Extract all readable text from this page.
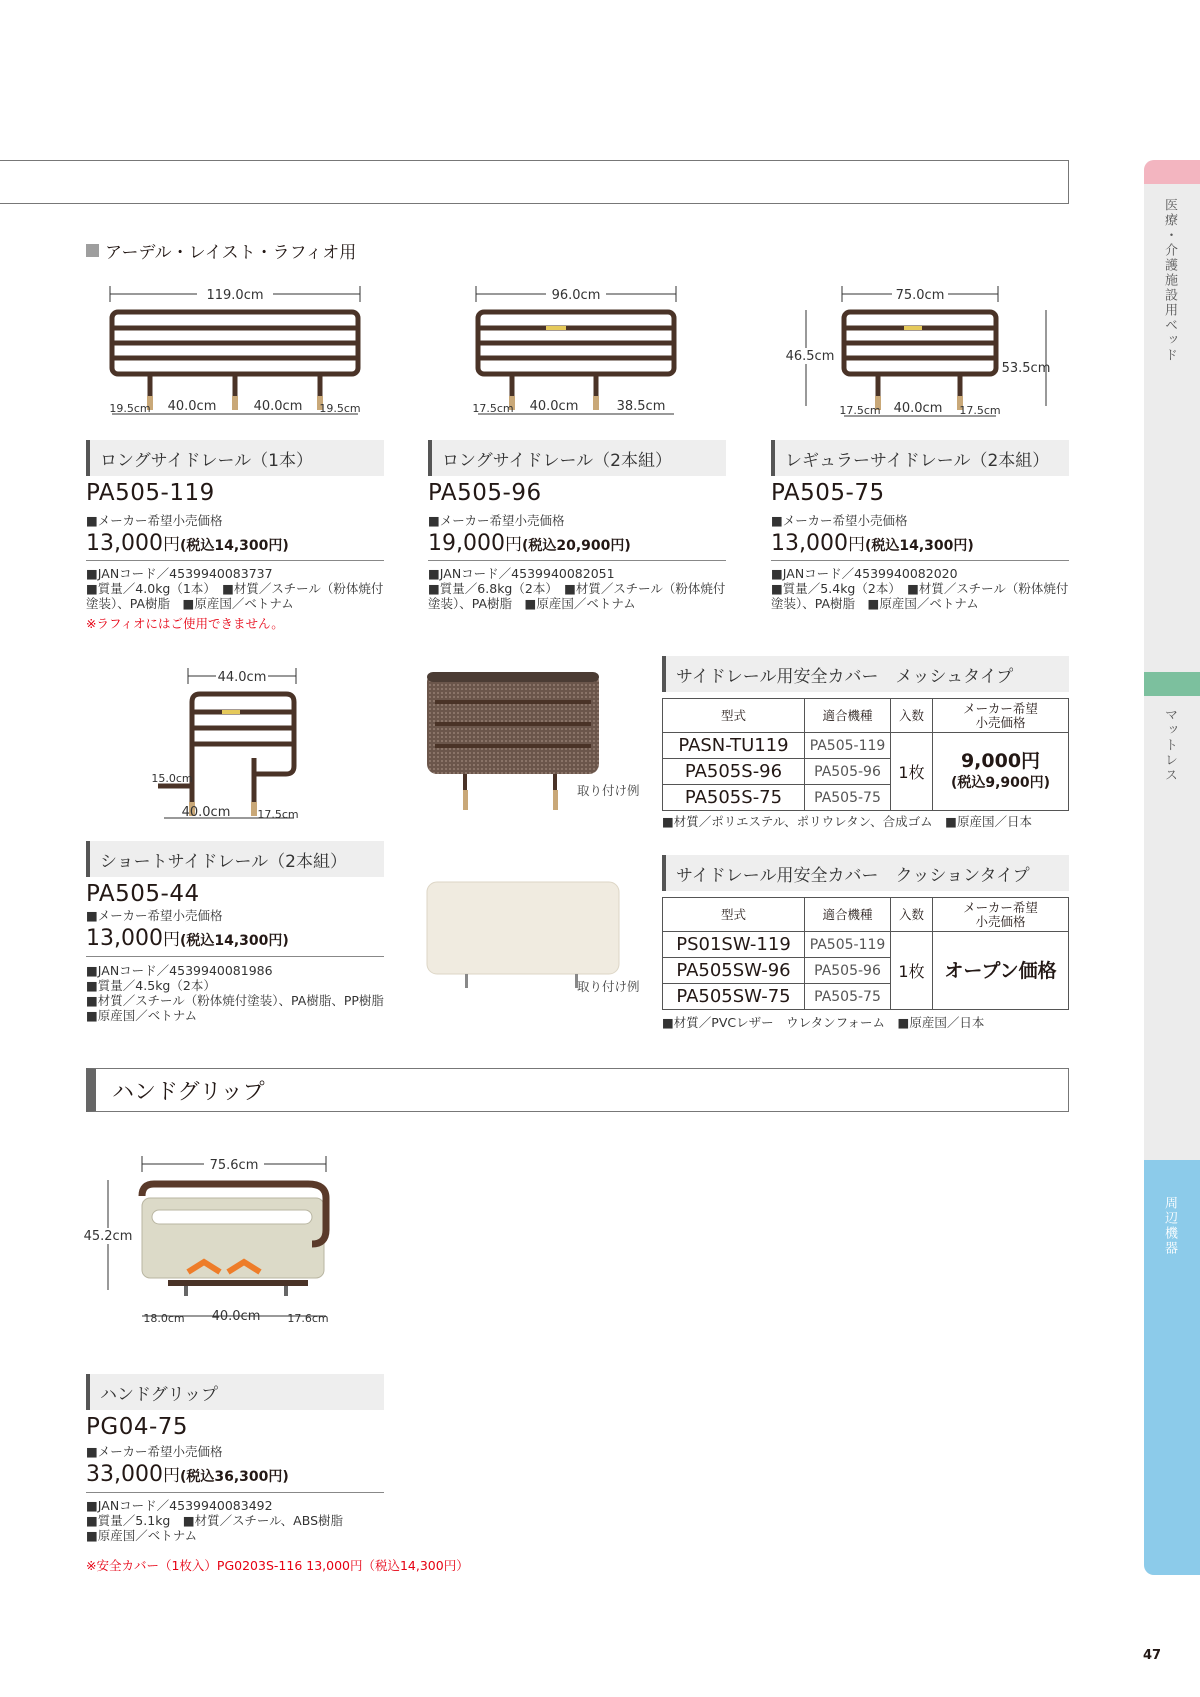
医療・介護施設用ベッド
マットレス
周辺機器
アーデル・レイスト・ラフィオ用
119.0cm
19.5cm 40.0cm	40.0cm 19.5cm
96.0cm
17.5cm 40.0cm	38.5cm
75.0cm
46.5cm
53.5cm
17.5cm 40.0cm 17.5cm
ロングサイドレール（1本）
PA505-119
■メーカー希望小売価格
13,000円(税込14,300円)
■JANコード／4539940083737
■質量／4.0kg（1本）　■材質／スチール（粉体焼付
塗装）、PA樹脂　■原産国／ベトナム
※ラフィオにはご使用できません。
ロングサイドレール（2本組）
PA505-96
■メーカー希望小売価格
19,000円(税込20,900円)
■JANコード／4539940082051
■質量／6.8kg（2本）　■材質／スチール（粉体焼付
塗装）、PA樹脂　■原産国／ベトナム
レギュラーサイドレール（2本組）
PA505-75
■メーカー希望小売価格
13,000円(税込14,300円)
■JANコード／4539940082020
■質量／5.4kg（2本）　■材質／スチール（粉体焼付
塗装）、PA樹脂　■原産国／ベトナム
44.0cm
15.0cm
40.0cm 17.5cm
ショートサイドレール（2本組）
PA505-44
■メーカー希望小売価格
13,000円(税込14,300円)
■JANコード／4539940081986
■質量／4.5kg（2本）
■材質／スチール（粉体焼付塗装）、PA樹脂、PP樹脂
■原産国／ベトナム
取り付け例
取り付け例
サイドレール用安全カバー　メッシュタイプ
型式	適合機種	入数	メーカー希望
小売価格
PASN-TU119	PA505-119	1枚	9,000円
(税込9,900円)
PA505S-96	PA505-96		
PA505S-75	PA505-75		
■材質／ポリエステル、ポリウレタン、合成ゴム　■原産国／日本
サイドレール用安全カバー　クッションタイプ
型式	適合機種	入数	メーカー希望
小売価格
PS01SW-119	PA505-119	1枚	オープン価格
PA505SW-96	PA505-96		
PA505SW-75	PA505-75		
■材質／PVCレザー　ウレタンフォーム　■原産国／日本
ハンドグリップ
75.6cm
45.2cm
18.0cm 40.0cm 17.6cm
ハンドグリップ
PG04-75
■メーカー希望小売価格
33,000円(税込36,300円)
■JANコード／4539940083492
■質量／5.1kg　■材質／スチール、ABS樹脂
■原産国／ベトナム
※安全カバー（1枚入）PG0203S-116 13,000円（税込14,300円）
47
